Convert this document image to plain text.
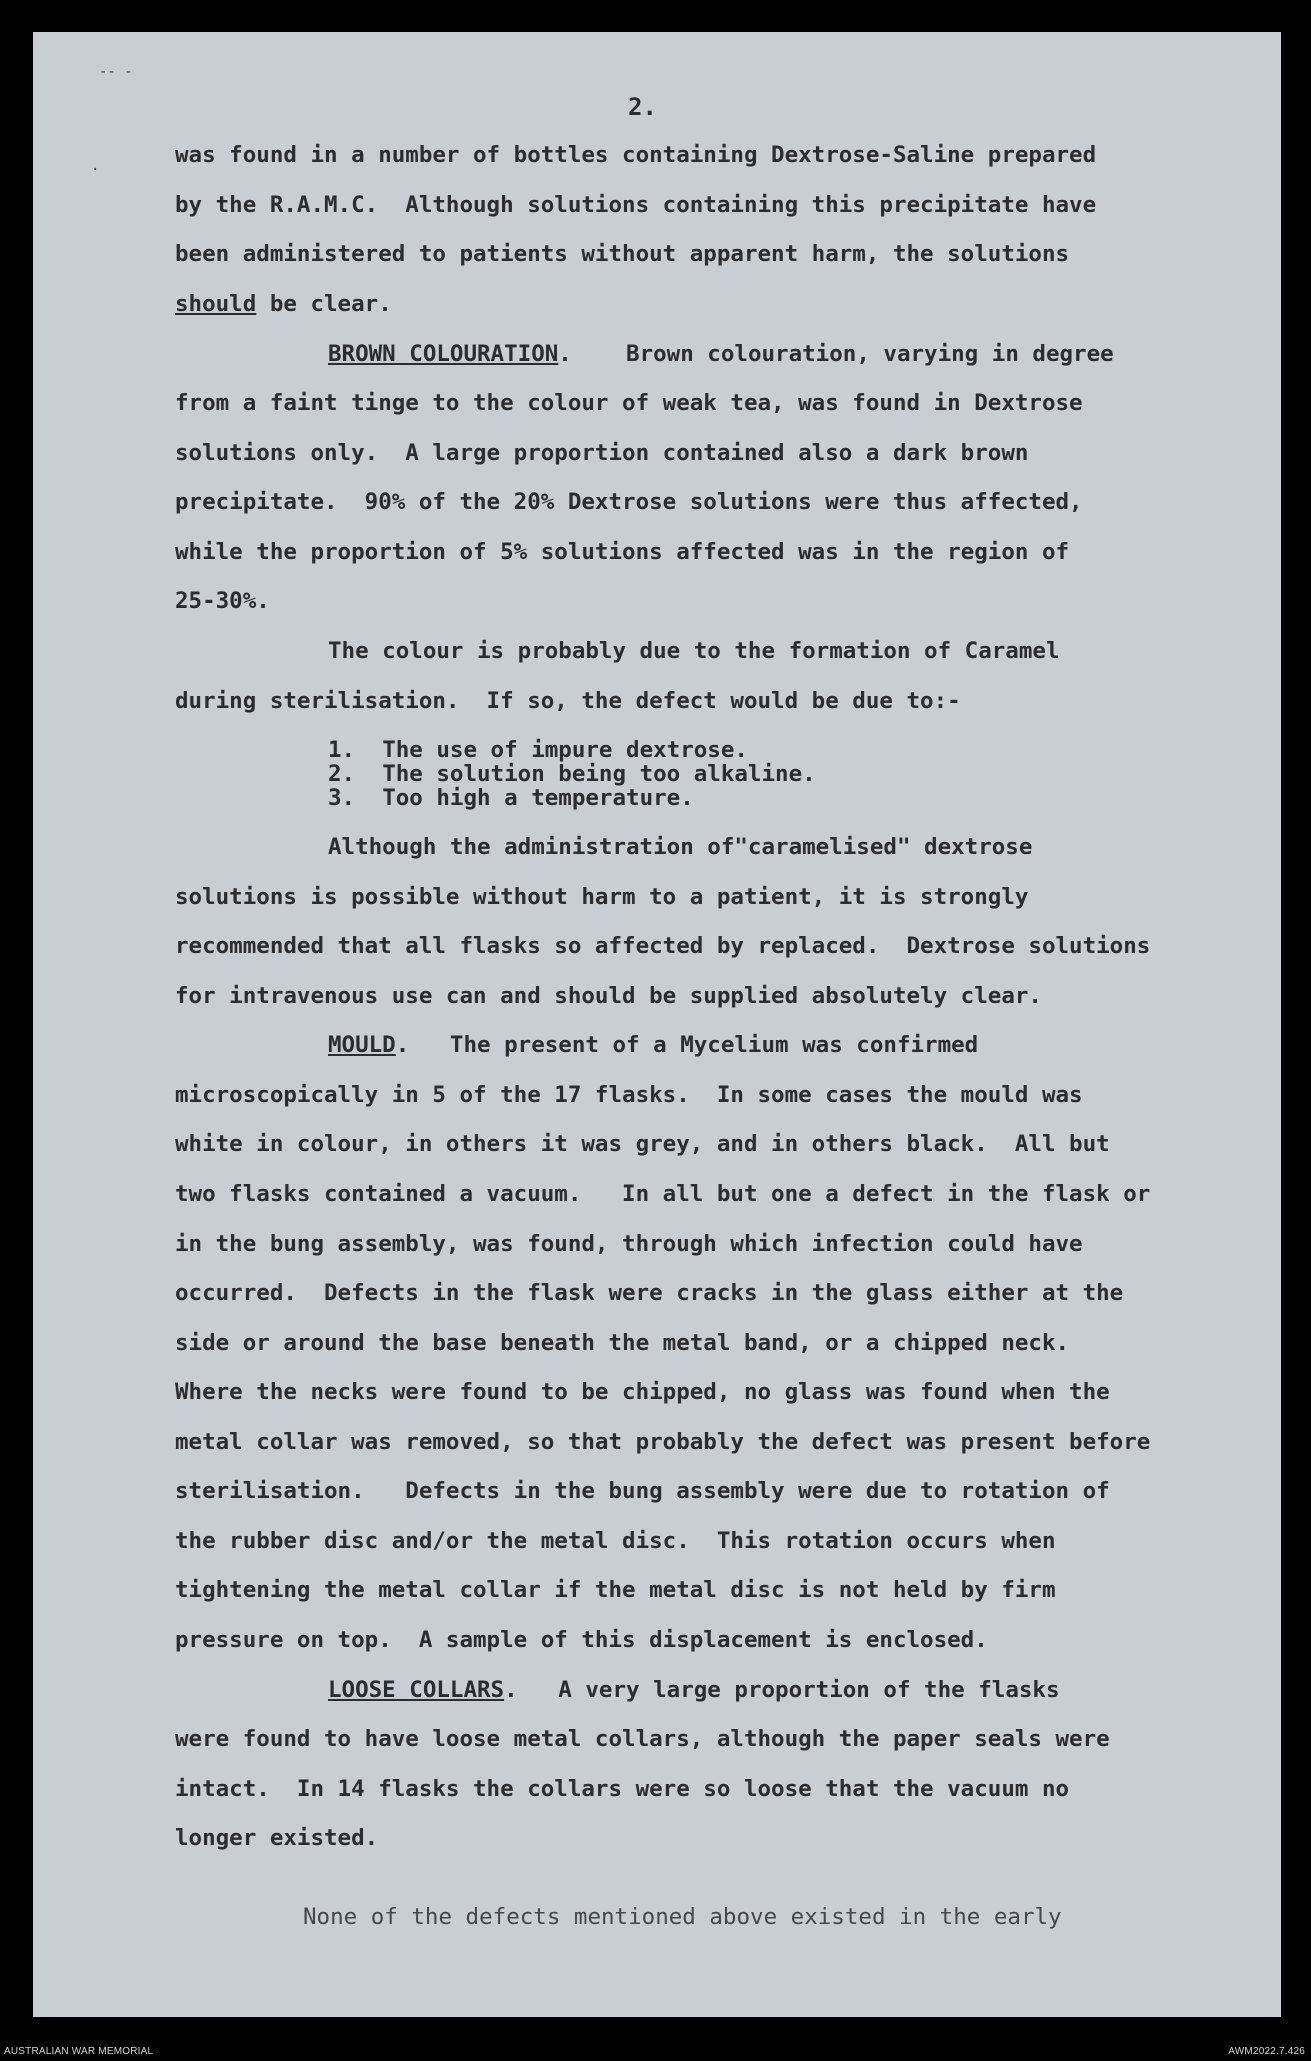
-- -
.
2.
was found in a number of bottles containing Dextrose-Saline prepared
by the R.A.M.C.  Although solutions containing this precipitate have
been administered to patients without apparent harm, the solutions
should be clear.
BROWN COLOURATION.    Brown colouration, varying in degree
from a faint tinge to the colour of weak tea, was found in Dextrose
solutions only.  A large proportion contained also a dark brown
precipitate.  90% of the 20% Dextrose solutions were thus affected,
while the proportion of 5% solutions affected was in the region of
25-30%.
The colour is probably due to the formation of Caramel
during sterilisation.  If so, the defect would be due to:-
1. The use of impure dextrose.
2. The solution being too alkaline.
3. Too high a temperature.
Although the administration of"caramelised" dextrose
solutions is possible without harm to a patient, it is strongly
recommended that all flasks so affected by replaced.  Dextrose solutions
for intravenous use can and should be supplied absolutely clear.
MOULD.   The present of a Mycelium was confirmed
microscopically in 5 of the 17 flasks.  In some cases the mould was
white in colour, in others it was grey, and in others black.  All but
two flasks contained a vacuum.   In all but one a defect in the flask or
in the bung assembly, was found, through which infection could have
occurred.  Defects in the flask were cracks in the glass either at the
side or around the base beneath the metal band, or a chipped neck.
Where the necks were found to be chipped, no glass was found when the
metal collar was removed, so that probably the defect was present before
sterilisation.   Defects in the bung assembly were due to rotation of
the rubber disc and/or the metal disc.  This rotation occurs when
tightening the metal collar if the metal disc is not held by firm
pressure on top.  A sample of this displacement is enclosed.
LOOSE COLLARS.   A very large proportion of the flasks
were found to have loose metal collars, although the paper seals were
intact.  In 14 flasks the collars were so loose that the vacuum no
longer existed.
None of the defects mentioned above existed in the early
AUSTRALIAN WAR MEMORIAL	AWM2022.7.426
